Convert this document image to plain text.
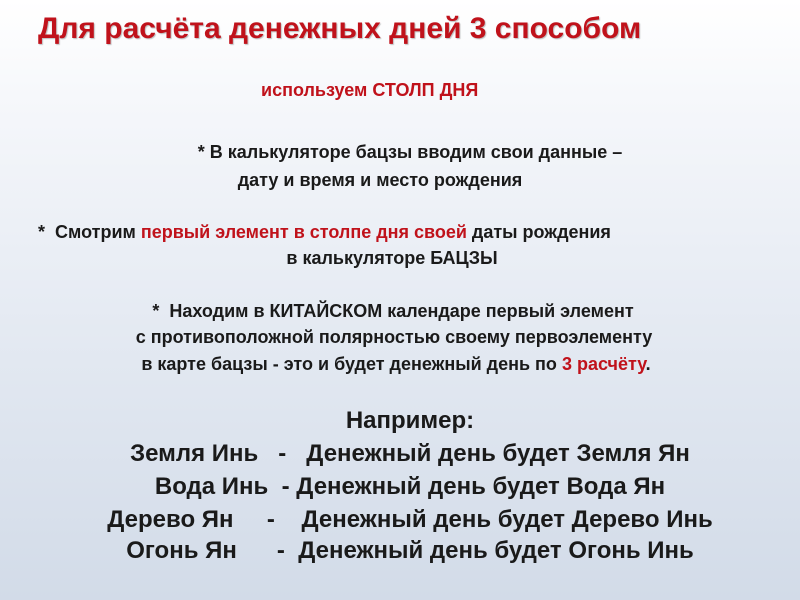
Для расчёта денежных дней 3 способом
используем СТОЛП ДНЯ
* В калькуляторе бацзы вводим свои данные –
дату и время и место рождения
*  Смотрим первый элемент в столпе дня своей даты рождения
в калькуляторе БАЦЗЫ
*  Находим в КИТАЙСКОМ календаре первый элемент
с противоположной полярностью своему первоэлементу
в карте бацзы - это и будет денежный день по 3 расчёту.
Например:
Земля Инь   -   Денежный день будет Земля Ян
Вода Инь  - Денежный день будет Вода Ян
Дерево Ян     -    Денежный день будет Дерево Инь
Огонь Ян      -  Денежный день будет Огонь Инь
